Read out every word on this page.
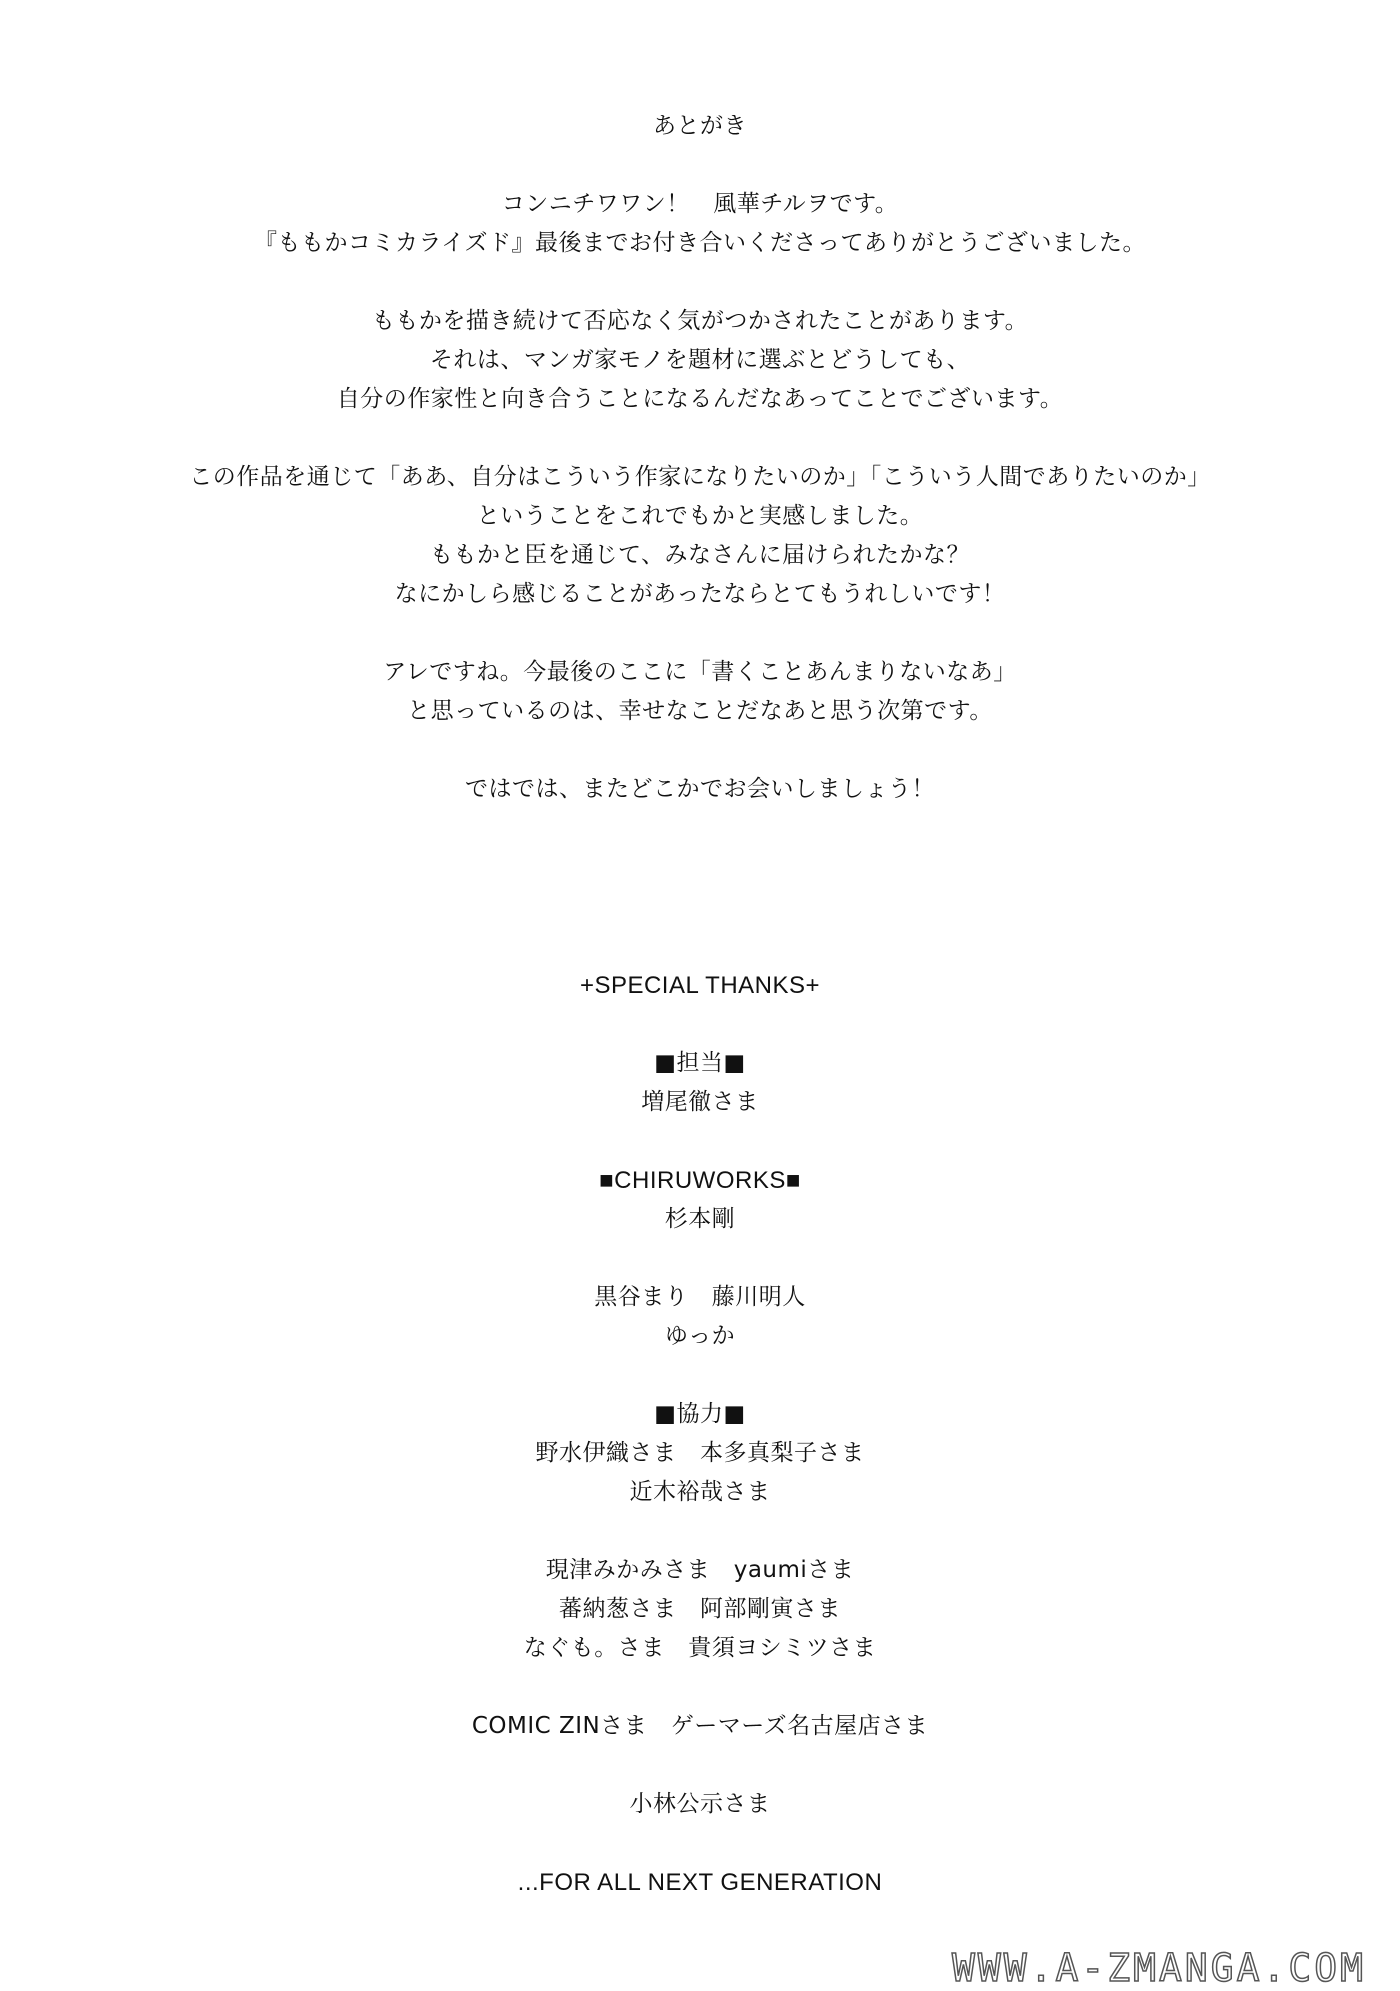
あとがき
コンニチワワン！　風華チルヲです。
『ももかコミカライズド』最後までお付き合いくださってありがとうございました。
ももかを描き続けて否応なく気がつかされたことがあります。
それは、マンガ家モノを題材に選ぶとどうしても、
自分の作家性と向き合うことになるんだなあってことでございます。
この作品を通じて「ああ、自分はこういう作家になりたいのか」「こういう人間でありたいのか」
ということをこれでもかと実感しました。
ももかと臣を通じて、みなさんに届けられたかな？
なにかしら感じることがあったならとてもうれしいです！
アレですね。今最後のここに「書くことあんまりないなあ」
と思っているのは、幸せなことだなあと思う次第です。
ではでは、またどこかでお会いしましょう！
+SPECIAL THANKS+
■担当■
増尾徹さま
■CHIRUWORKS■
杉本剛
黒谷まり　藤川明人
ゆっか
■協力■
野水伊織さま　本多真梨子さま
近木裕哉さま
現津みかみさま　yaumiさま
蕃納葱さま　阿部剛寅さま
なぐも。さま　貴須ヨシミツさま
COMIC ZINさま　ゲーマーズ名古屋店さま
小林公示さま
...FOR ALL NEXT GENERATION
WWW.A-ZMANGA.COM
